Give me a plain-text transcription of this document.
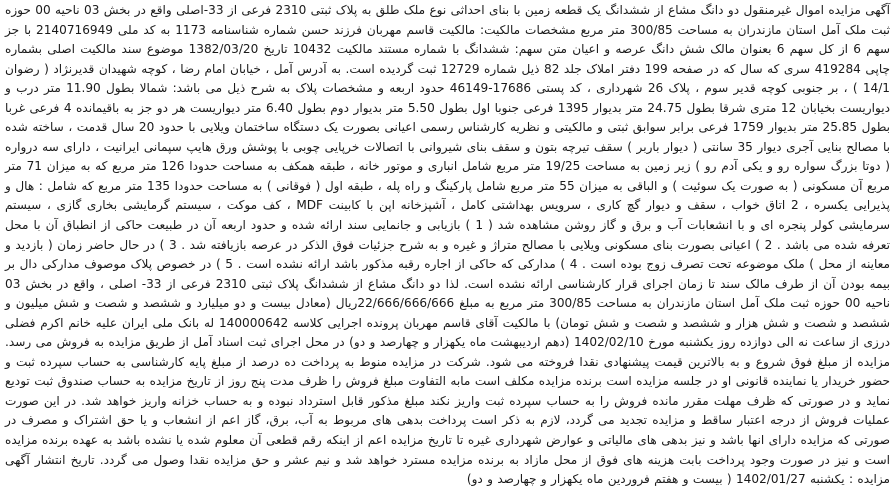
آگهی مزایده اموال غیرمنقول دو دانگ مشاع از ششدانگ یک قطعه زمین با بنای احداثی نوع ملک طلق به پلاک ثبتی 2310 فرعی از 33-اصلی واقع در بخش 03 ناحیه 00 حوزه ثبت ملک آمل استان مازندران به مساحت 300/85 متر مربع مشخصات مالکیت: مالکیت قاسم مهربان فرزند حسن شماره شناسنامه 1173 به کد ملی 2140716949 با جز سهم 6 از کل سهم 6 بعنوان مالک شش دانگ عرصه و اعیان متن سهم: ششدانگ با شماره مستند مالکیت 10432 تاریخ 1382/03/20 موضوع سند مالکیت اصلی بشماره چاپی 419284 سری که سال که در صفحه 199 دفتر املاک جلد 82 ذیل شماره 12729 ثبت گردیده است. به آدرس آمل ، خیابان امام رضا ، کوچه شهیدان قدیرنژاد ( رضوان 14/1 ) ، بر جنوبی کوچه قدیر سوم ، پلاک 26 شهرداری ، کد پستی 17686-46149 حدود اربعه و مشخصات پلاک به شرح ذیل می باشد: شمالا بطول 11.90 متر درب و دیواریست بخیابان 12 متری شرقا بطول 24.75 متر بدیوار 1395 فرعی جنوبا اول بطول 5.50 متر بدیوار دوم بطول 6.40 متر دیواریست هر دو جز به باقیمانده 4 فرعی غربا بطول 25.85 متر بدیوار 1759 فرعی برابر سوابق ثبتی و مالکیتی و نظریه کارشناس رسمی اعیانی بصورت یک دستگاه ساختمان ویلایی با حدود 20 سال قدمت ، ساخته شده با مصالح بنایی آجری دیوار 35 سانتی ( دیوار باربر ) سقف تیرچه بتون و سقف بنای شیروانی با اتصالات خرپایی چوبی با پوشش ورق هایپ سپمانی ایرانیت ، دارای سه درواره ( دوتا بزرگ سواره رو و یکی آدم رو ) زیر زمین به مساحت 19/25 متر مربع شامل انباری و موتور خانه ، طبقه همکف به مساحت حدودا 126 متر مربع که به میزان 71 متر مربع آن مسکونی ( به صورت یک سوئیت ) و الباقی به میزان 55 متر مربع شامل پارکینگ و راه پله ، طبقه اول ( فوقانی ) به مساحت حدودا 135 متر مربع که شامل : هال و پذیرایی یکسره ، 2 اتاق خواب ، سقف و دیوار گچ کاری ، سرویس بهداشتی کامل ، آشپزخانه اپن با کابینت MDF ، کف موکت ، سیستم گرمایشی بخاری گازی ، سیستم سرمایشی کولر پنجره ای و با انشعابات آب و برق و گاز روشن مشاهده شد ( 1 ) بازیابی و جانمایی سند ارائه شده و حدود اربعه آن در طبیعت حاکی از انطباق آن با محل تعرفه شده می باشد . 2 ) اعیانی بصورت بنای مسکونی ویلایی با مصالح متراژ و غیره و به شرح جزئیات فوق الذکر در عرصه بازیافته شد . 3 ) در حال حاضر زمان ( بازدید و معاینه از محل ) ملک موضوعه تحت تصرف زوج بوده است . 4 ) مدارکی که حاکی از اجاره رقبه مذکور باشد ارائه نشده است . 5 ) در خصوص پلاک موصوف مدارکی دال بر بیمه بودن آن از طرف مالک سند تا زمان اجرای قرار کارشناسی ارائه نشده است. لذا دو دانگ مشاع از ششدانگ پلاک ثبتی 2310 فرعی از 33- اصلی ، واقع در بخش 03 ناحیه 00 حوزه ثبت ملک آمل استان مازندران به مساحت 300/85 متر مربع به مبلغ 22/666/666/666ریال (معادل بیست و دو میلیارد و ششصد و شصت و شش میلیون و ششصد و شصت و شش هزار و ششصد و شصت و شش تومان) با مالکیت آقای قاسم مهربان پرونده اجرایی کلاسه 140000642 له بانک ملی ایران علیه خانم اکرم فضلی درزی از ساعت نه الی دوازده روز یکشنبه مورخ 1402/02/10 (دهم اردیبهشت ماه یکهزار و چهارصد و دو) در محل اجرای ثبت اسناد آمل از طریق مزایده به فروش می رسد. مزایده از مبلغ فوق شروع و به بالاترین قیمت پیشنهادی نقدا فروخته می شود. شرکت در مزایده منوط به پرداخت ده درصد از مبلغ پایه کارشناسی به حساب سپرده ثبت و حضور خریدار یا نماینده قانونی او در جلسه مزایده است برنده مزایده مکلف است مابه التفاوت مبلغ فروش را ظرف مدت پنج روز از تاریخ مزایده به حساب صندوق ثبت تودیع نماید و در صورتی که ظرف مهلت مقرر مانده فروش را به حساب سپرده ثبت واریز نکند مبلغ مذکور قابل استرداد نبوده و به حساب خزانه واریز خواهد شد. در این صورت عملیات فروش از درجه اعتبار ساقط و مزایده تجدید می گردد، لازم به ذکر است پرداخت بدهی های مربوط به آب، برق، گاز اعم از انشعاب و یا حق اشتراک و مصرف در صورتی که مزایده دارای انها باشد و نیز بدهی های مالیاتی و عوارض شهرداری غیره تا تاریخ مزایده اعم از اینکه رقم قطعی آن معلوم شده یا نشده باشد به عهده برنده مزایده است و نیز در صورت وجود پرداخت بابت هزینه های فوق از محل مازاد به برنده مزایده مسترد خواهد شد و نیم عشر و حق مزایده نقدا وصول می گردد. تاریخ انتشار آگهی مزایده : یکشنبه 1402/01/27 ( بیست و هفتم فروردین ماه یکهزار و چهارصد و دو)
